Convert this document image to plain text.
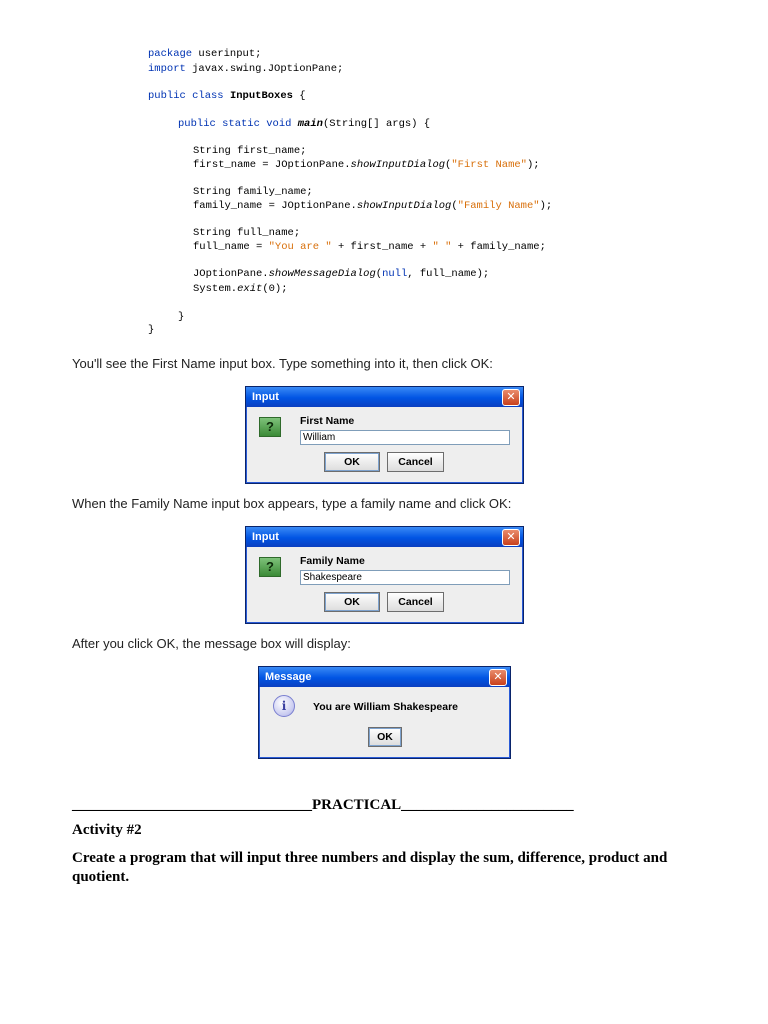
package userinput;
import javax.swing.JOptionPane;
public class InputBoxes {
public static void main(String[] args) {
String first_name;
first_name = JOptionPane.showInputDialog("First Name");
String family_name;
family_name = JOptionPane.showInputDialog("Family Name");
String full_name;
full_name = "You are " + first_name + " " + family_name;
JOptionPane.showMessageDialog(null, full_name);
System.exit(0);
}
}
You'll see the First Name input box. Type something into it, then click OK:
Input	✕
?	First Name
William
OK	Cancel
When the Family Name input box appears, type a family name and click OK:
Input	✕
?	Family Name
Shakespeare
OK	Cancel
After you click OK, the message box will display:
Message	✕
i	You are William Shakespeare
OK
________________________________PRACTICAL_______________________
Activity #2
Create a program that will input three numbers and display the sum, difference, product and quotient.
